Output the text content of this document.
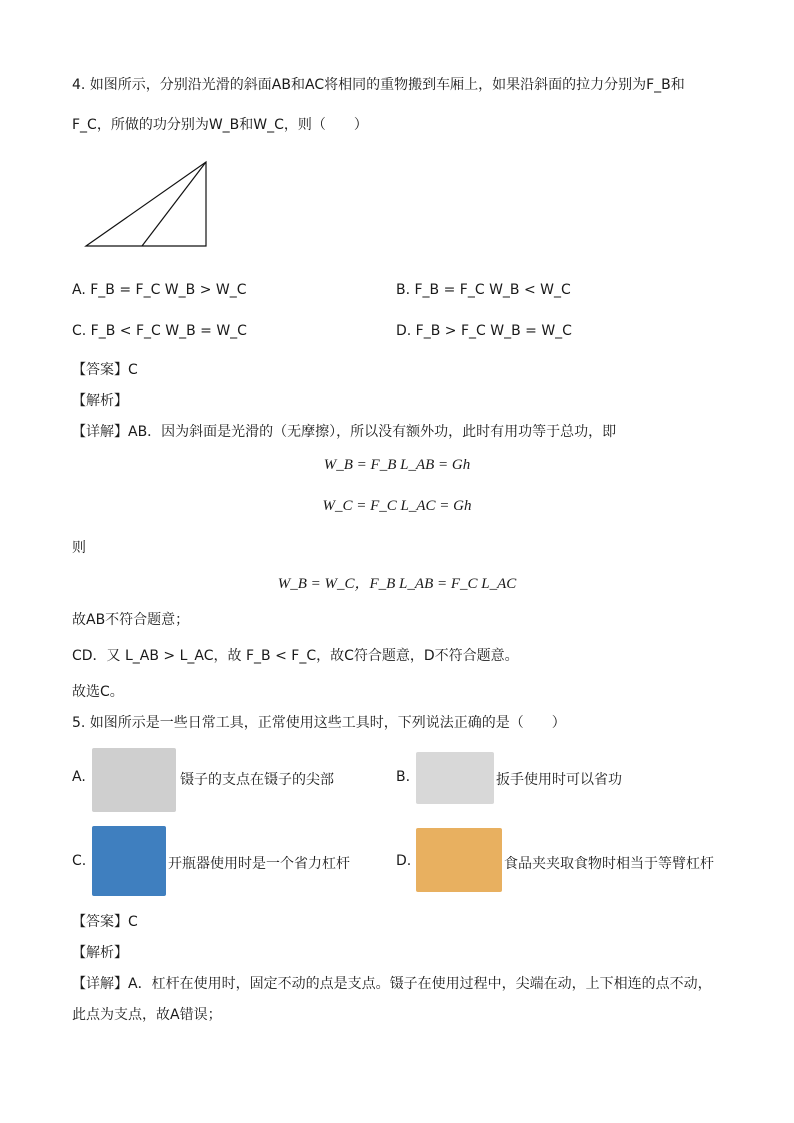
4. 如图所示，分别沿光滑的斜面AB和AC将相同的重物搬到车厢上，如果沿斜面的拉力分别为F_B和
F_C，所做的功分别为W_B和W_C，则（　　）
A. F_B = F_C W_B > W_C	B. F_B = F_C W_B < W_C
C. F_B < F_C W_B = W_C	D. F_B > F_C W_B = W_C
【答案】C
【解析】
【详解】AB．因为斜面是光滑的（无摩擦），所以没有额外功，此时有用功等于总功，即
W_B = F_B L_AB = Gh
W_C = F_C L_AC = Gh
则
W_B = W_C，F_B L_AB = F_C L_AC
故AB不符合题意；
CD．又 L_AB > L_AC，故 F_B < F_C，故C符合题意，D不符合题意。
故选C。
5. 如图所示是一些日常工具，正常使用这些工具时，下列说法正确的是（　　）
A.	镊子的支点在镊子的尖部	B.	扳手使用时可以省功
C.	开瓶器使用时是一个省力杠杆	D.	食品夹夹取食物时相当于等臂杠杆
【答案】C
【解析】
【详解】A．杠杆在使用时，固定不动的点是支点。镊子在使用过程中，尖端在动，上下相连的点不动，
此点为支点，故A错误；
